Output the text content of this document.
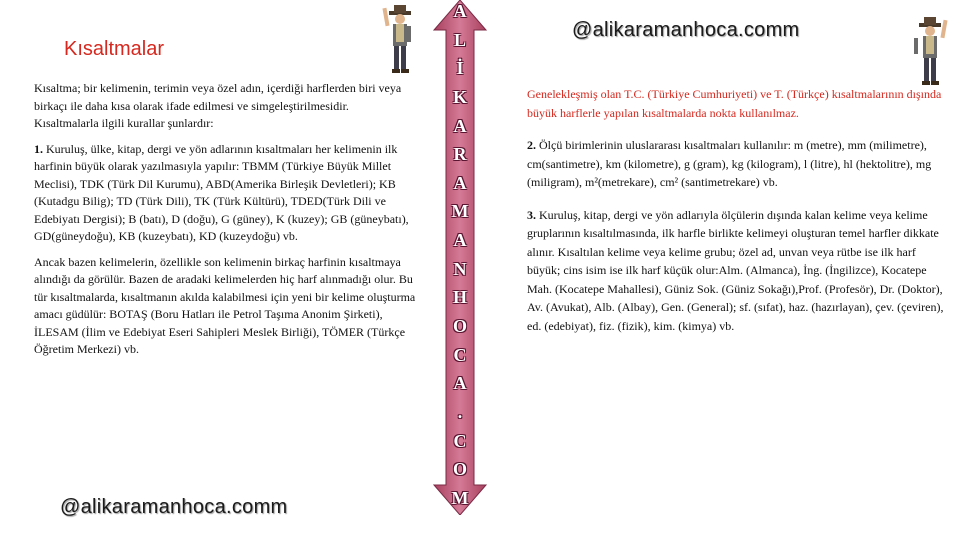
Kısaltmalar
@alikaramanhoca.comm
@alikaramanhoca.comm
A
L
İ
K
A
R
A
M
A
N
H
O
C
A
.
C
O
M

Kısaltma; bir kelimenin, terimin veya özel adın, içerdiği harflerden biri veya birkaçı ile daha kısa olarak ifade edilmesi ve simgeleştirilmesidir. Kısaltmalarla ilgili kurallar şunlardır:

1. Kuruluş, ülke, kitap, dergi ve yön adlarının kısaltmaları her kelimenin ilk harfinin büyük olarak yazılmasıyla yapılır: TBMM (Türkiye Büyük Millet Meclisi), TDK (Türk Dil Kurumu), ABD(Amerika Birleşik Devletleri); KB (Kutadgu Bilig); TD (Türk Dili), TK (Türk Kültürü), TDED(Türk Dili ve Edebiyatı Dergisi); B (batı), D (doğu), G (güney), K (kuzey); GB (güneybatı), GD(güneydoğu), KB (kuzeybatı), KD (kuzeydoğu) vb.

Ancak bazen kelimelerin, özellikle son kelimenin birkaç harfinin kısaltmaya alındığı da görülür. Bazen de aradaki kelimelerden hiç harf alınmadığı olur. Bu tür kısaltmalarda, kısaltmanın akılda kalabilmesi için yeni bir kelime oluşturma amacı güdülür: BOTAŞ (Boru Hatları ile Petrol Taşıma Anonim Şirketi), İLESAM (İlim ve Edebiyat Eseri Sahipleri Meslek Birliği), TÖMER (Türkçe Öğretim Merkezi) vb.

Genelekleşmiş olan T.C. (Türkiye Cumhuriyeti) ve T. (Türkçe) kısaltmalarının dışında büyük harflerle yapılan kısaltmalarda nokta kullanılmaz.

2. Ölçü birimlerinin uluslararası kısaltmaları kullanılır: m (metre), mm (milimetre), cm(santimetre), km (kilometre), g (gram), kg (kilogram), l (litre), hl (hektolitre), mg (miligram), m²(metrekare), cm² (santimetrekare) vb.

3. Kuruluş, kitap, dergi ve yön adlarıyla ölçülerin dışında kalan kelime veya kelime gruplarının kısaltılmasında, ilk harfle birlikte kelimeyi oluşturan temel harfler dikkate alınır. Kısaltılan kelime veya kelime grubu; özel ad, unvan veya rütbe ise ilk harf büyük; cins isim ise ilk harf küçük olur:Alm. (Almanca), İng. (İngilizce), Kocatepe Mah. (Kocatepe Mahallesi), Güniz Sok. (Güniz Sokağı),Prof. (Profesör), Dr. (Doktor), Av. (Avukat), Alb. (Albay), Gen. (General); sf. (sıfat), haz. (hazırlayan), çev. (çeviren), ed. (edebiyat), fiz. (fizik), kim. (kimya) vb.
